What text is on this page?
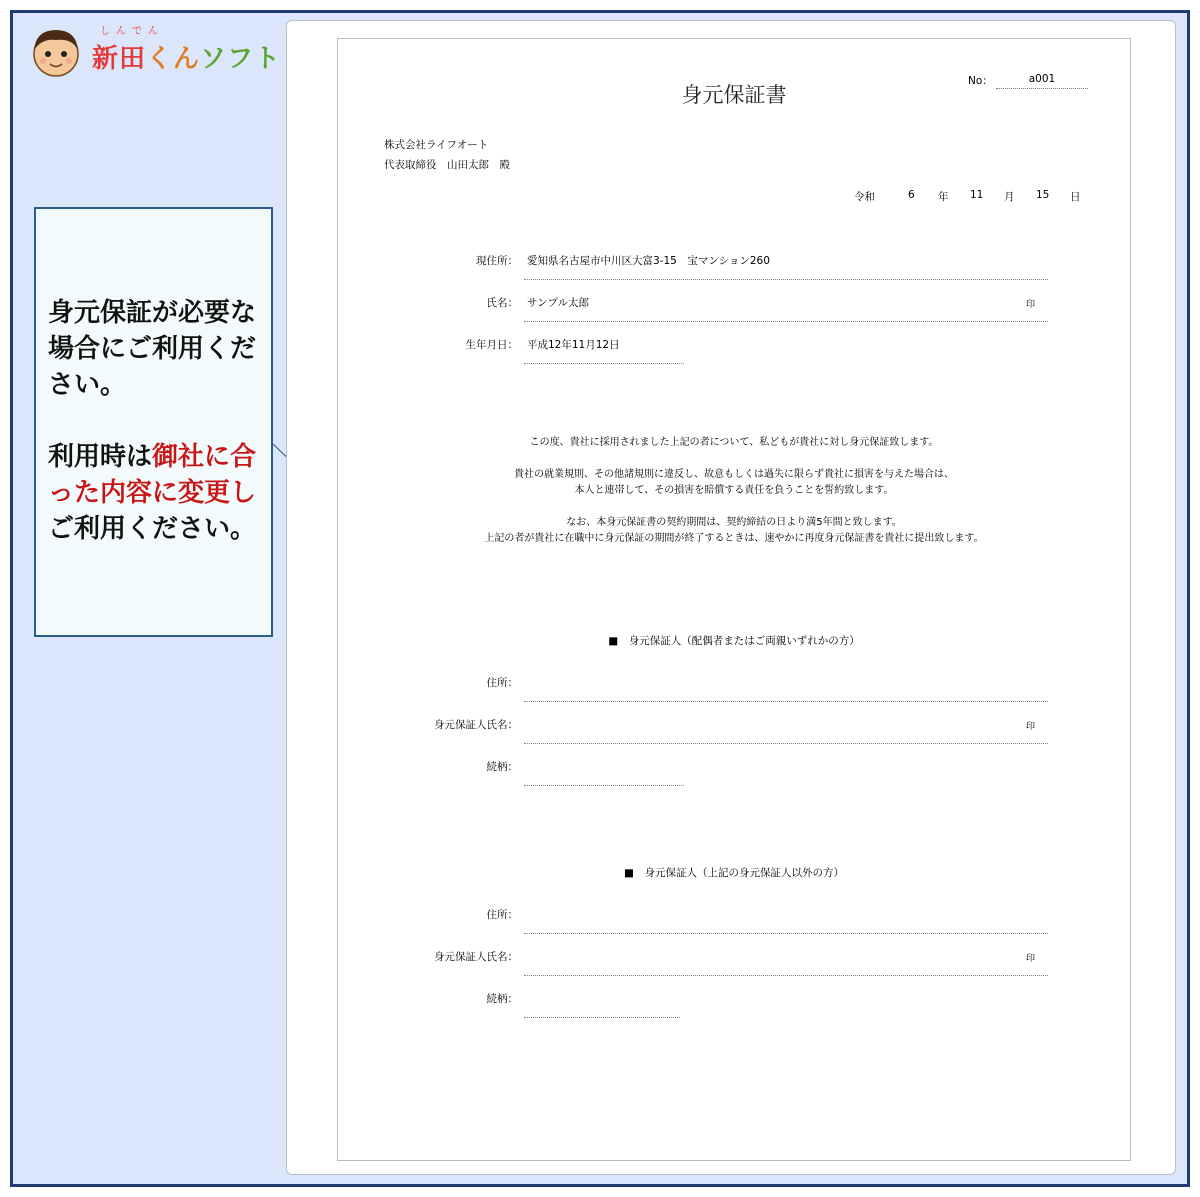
しんでん
新田くんソフト

身元保証が必要な場合にご利用ください。

利用時は御社に合った内容に変更しご利用ください。

身元保証書
No：	a001
株式会社ライフオート
代表取締役　山田太郎　殿
令和	6 年 11 月 15 日
現住所： 愛知県名古屋市中川区大富3-15　宝マンション260
氏名： サンプル太郎	印
生年月日： 平成12年11月12日
この度、貴社に採用されました上記の者について、私どもが貴社に対し身元保証致します。
貴社の就業規則、その他諸規則に違反し、故意もしくは過失に限らず貴社に損害を与えた場合は、
本人と連帯して、その損害を賠償する責任を負うことを誓約致します。
なお、本身元保証書の契約期間は、契約締結の日より満5年間と致します。
上記の者が貴社に在職中に身元保証の期間が終了するときは、速やかに再度身元保証書を貴社に提出致します。
■　身元保証人（配偶者またはご両親いずれかの方）
住所：
身元保証人氏名：	印
続柄：
■　身元保証人（上記の身元保証人以外の方）
住所：
身元保証人氏名：	印
続柄：
